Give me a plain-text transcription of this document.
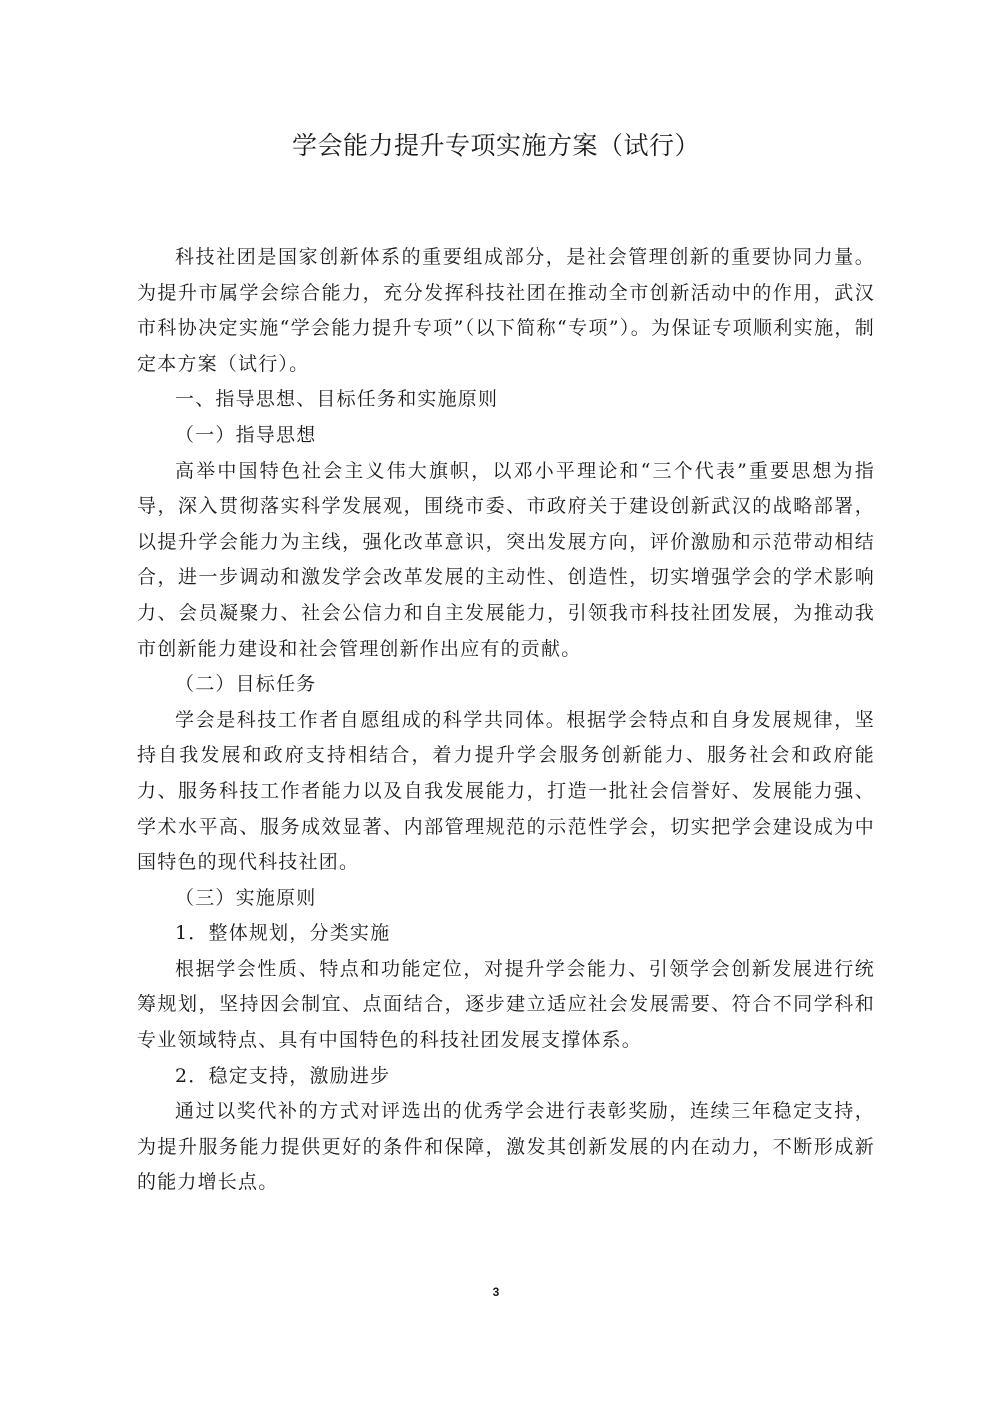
学会能力提升专项实施方案（试行）

科技社团是国家创新体系的重要组成部分，是社会管理创新的重要协同力量。为提升市属学会综合能力，充分发挥科技社团在推动全市创新活动中的作用，武汉市科协决定实施“学会能力提升专项”（以下简称“专项”）。为保证专项顺利实施，制定本方案（试行）。

一、指导思想、目标任务和实施原则

（一）指导思想

高举中国特色社会主义伟大旗帜，以邓小平理论和“三个代表”重要思想为指导，深入贯彻落实科学发展观，围绕市委、市政府关于建设创新武汉的战略部署，以提升学会能力为主线，强化改革意识，突出发展方向，评价激励和示范带动相结合，进一步调动和激发学会改革发展的主动性、创造性，切实增强学会的学术影响力、会员凝聚力、社会公信力和自主发展能力，引领我市科技社团发展，为推动我市创新能力建设和社会管理创新作出应有的贡献。

（二）目标任务

学会是科技工作者自愿组成的科学共同体。根据学会特点和自身发展规律，坚持自我发展和政府支持相结合，着力提升学会服务创新能力、服务社会和政府能力、服务科技工作者能力以及自我发展能力，打造一批社会信誉好、发展能力强、学术水平高、服务成效显著、内部管理规范的示范性学会，切实把学会建设成为中国特色的现代科技社团。

（三）实施原则

1．整体规划，分类实施

根据学会性质、特点和功能定位，对提升学会能力、引领学会创新发展进行统筹规划，坚持因会制宜、点面结合，逐步建立适应社会发展需要、符合不同学科和专业领域特点、具有中国特色的科技社团发展支撑体系。

2．稳定支持，激励进步

通过以奖代补的方式对评选出的优秀学会进行表彰奖励，连续三年稳定支持，为提升服务能力提供更好的条件和保障，激发其创新发展的内在动力，不断形成新的能力增长点。

3
